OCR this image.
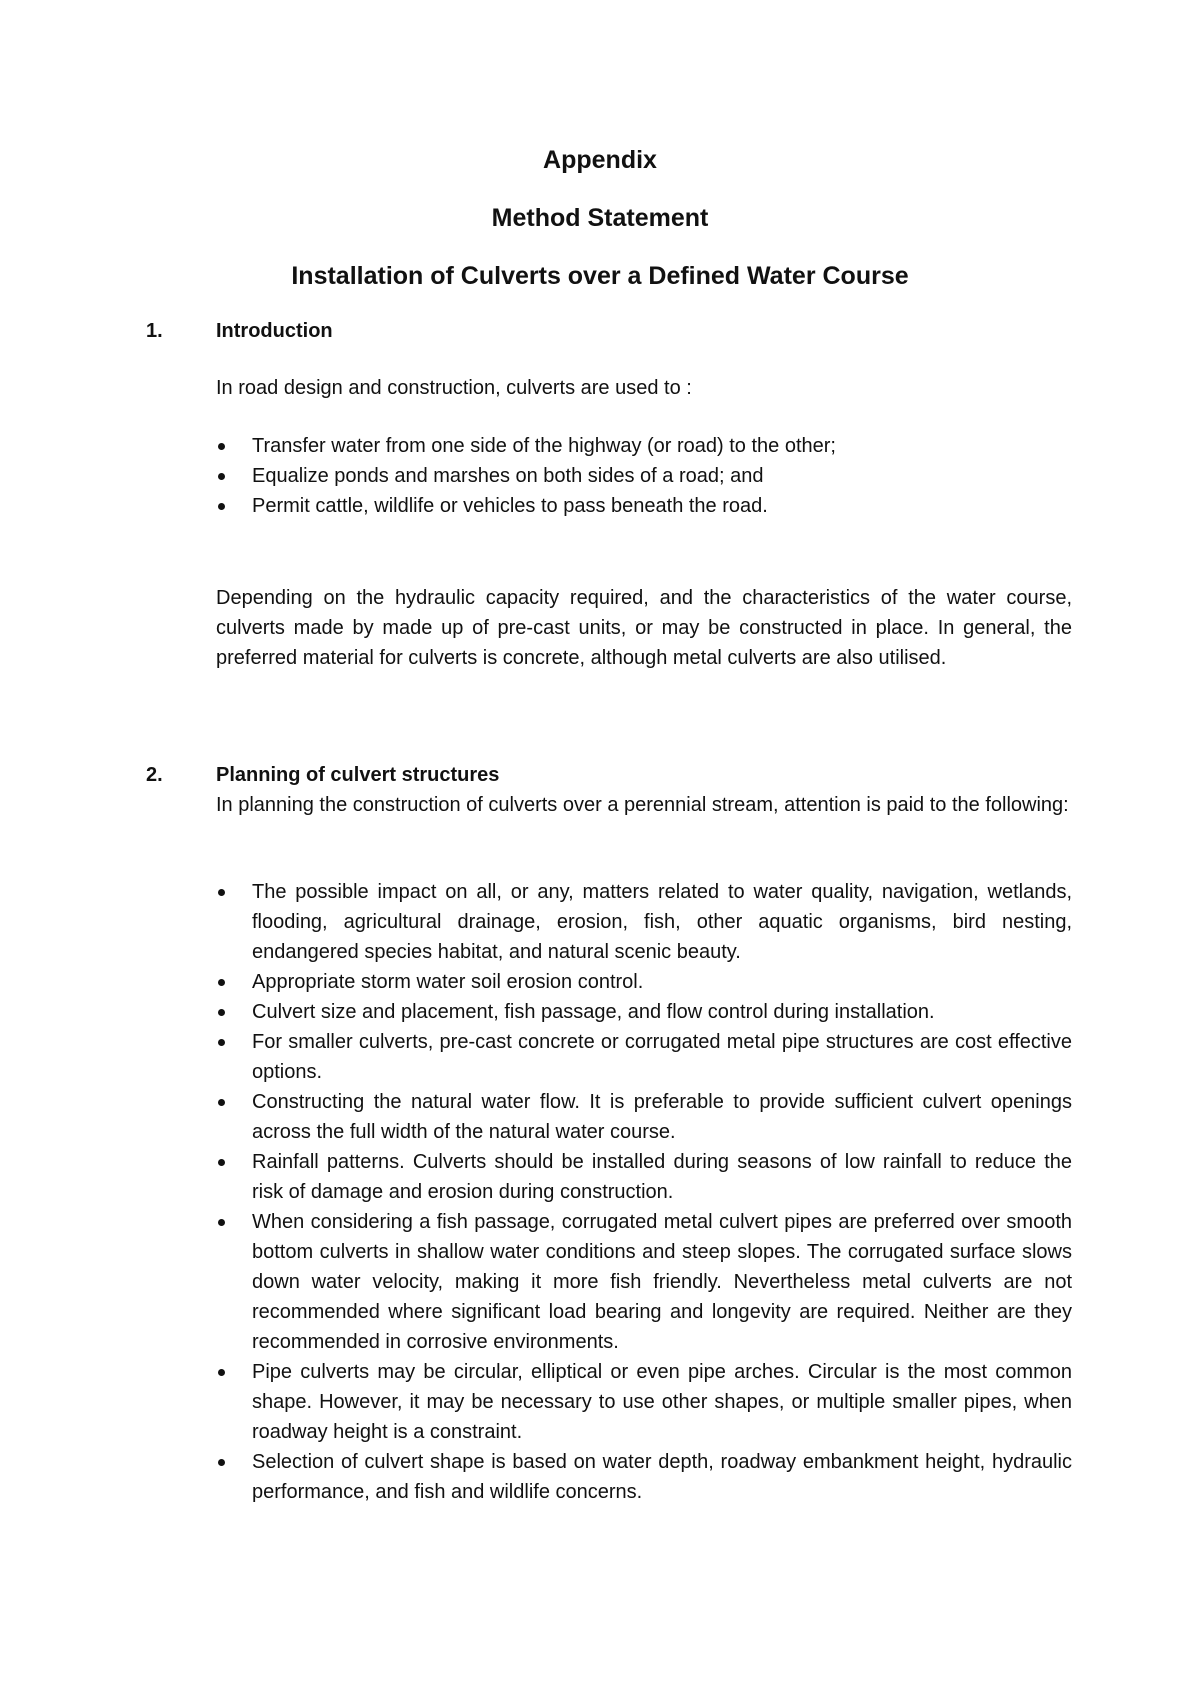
Appendix
Method Statement
Installation of Culverts over a Defined Water Course
1.	Introduction

In road design and construction, culverts are used to :

Transfer water from one side of the highway (or road) to the other;
Equalize ponds and marshes on both sides of a road; and
Permit cattle, wildlife or vehicles to pass beneath the road.

Depending on the hydraulic capacity required, and the characteristics of the water course, culverts made by made up of pre-cast units, or may be constructed in place. In general, the preferred material for culverts is concrete, although metal culverts are also utilised.

2.	Planning of culvert structures

In planning the construction of culverts over a perennial stream, attention is paid to the following:

The possible impact on all, or any, matters related to water quality, navigation, wetlands, flooding, agricultural drainage, erosion, fish, other aquatic organisms, bird nesting, endangered species habitat, and natural scenic beauty.
Appropriate storm water soil erosion control.
Culvert size and placement, fish passage, and flow control during installation.
For smaller culverts, pre-cast concrete or corrugated metal pipe structures are cost effective options.
Constructing the natural water flow. It is preferable to provide sufficient culvert openings across the full width of the natural water course.
Rainfall patterns. Culverts should be installed during seasons of low rainfall to reduce the risk of damage and erosion during construction.
When considering a fish passage, corrugated metal culvert pipes are preferred over smooth bottom culverts in shallow water conditions and steep slopes. The corrugated surface slows down water velocity, making it more fish friendly. Nevertheless metal culverts are not recommended where significant load bearing and longevity are required. Neither are they recommended in corrosive environments.
Pipe culverts may be circular, elliptical or even pipe arches. Circular is the most common shape. However, it may be necessary to use other shapes, or multiple smaller pipes, when roadway height is a constraint.
Selection of culvert shape is based on water depth, roadway embankment height, hydraulic performance, and fish and wildlife concerns.
